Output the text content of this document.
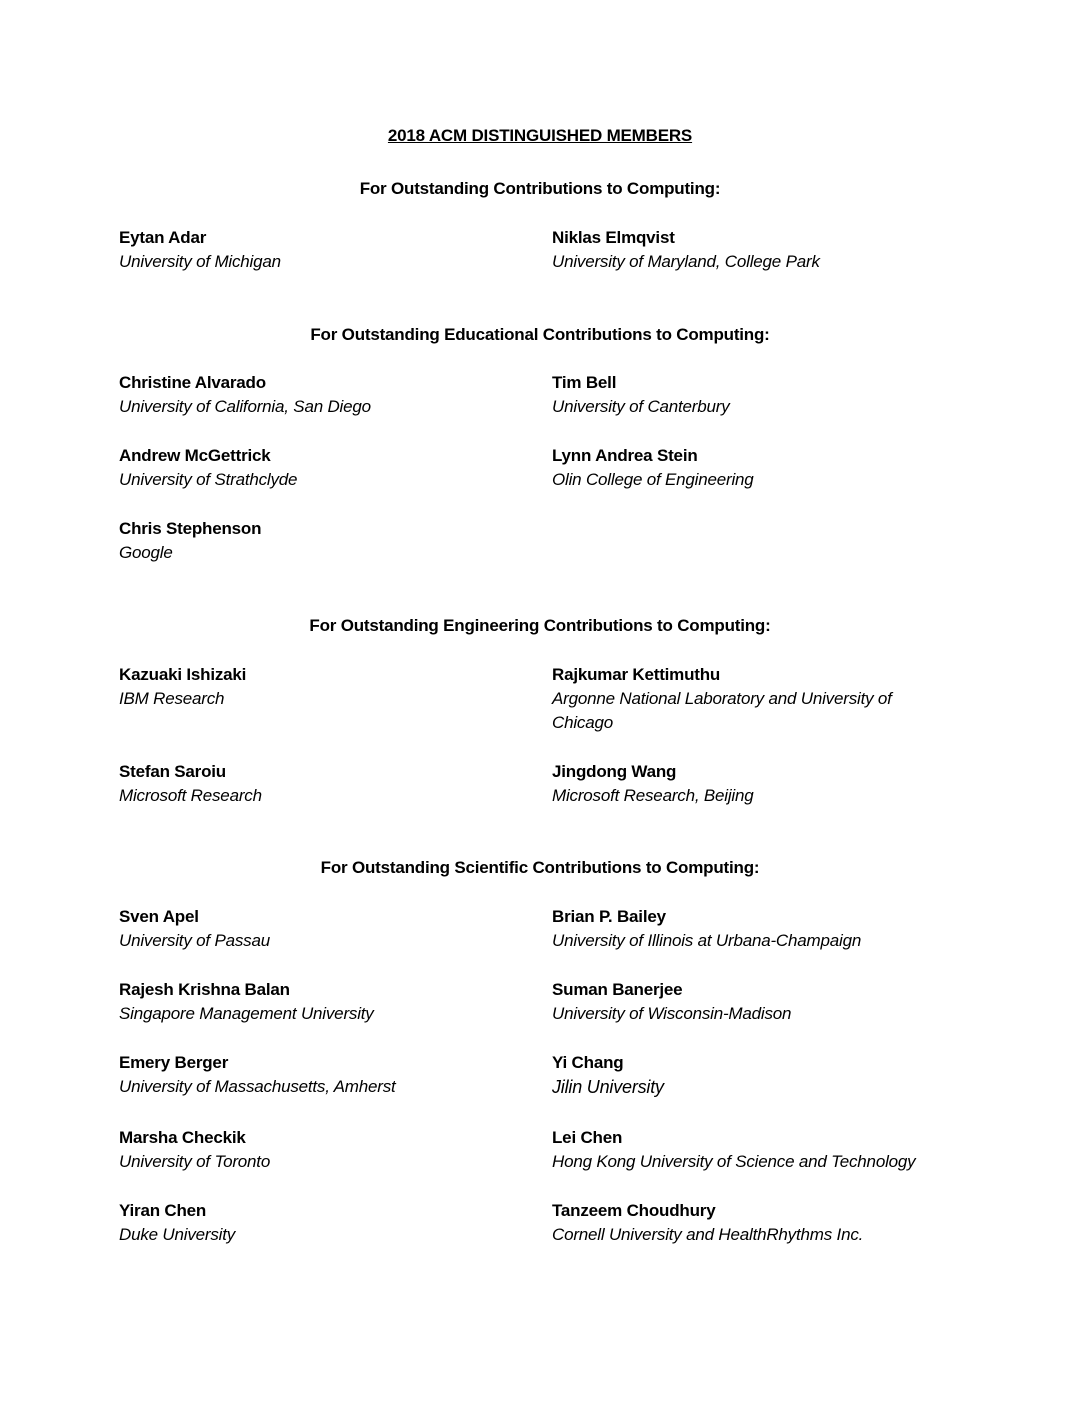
2018 ACM DISTINGUISHED MEMBERS
For Outstanding Contributions to Computing:
Eytan Adar
University of Michigan
Niklas Elmqvist
University of Maryland, College Park
For Outstanding Educational Contributions to Computing:
Christine Alvarado
University of California, San Diego
Tim Bell
University of Canterbury
Andrew McGettrick
University of Strathclyde
Lynn Andrea Stein
Olin College of Engineering
Chris Stephenson
Google
For Outstanding Engineering Contributions to Computing:
Kazuaki Ishizaki
IBM Research
Rajkumar Kettimuthu
Argonne National Laboratory and University of Chicago
Stefan Saroiu
Microsoft Research
Jingdong Wang
Microsoft Research, Beijing
For Outstanding Scientific Contributions to Computing:
Sven Apel
University of Passau
Brian P. Bailey
University of Illinois at Urbana-Champaign
Rajesh Krishna Balan
Singapore Management University
Suman Banerjee
University of Wisconsin-Madison
Emery Berger
University of Massachusetts, Amherst
Yi Chang
Jilin University
Marsha Checkik
University of Toronto
Lei Chen
Hong Kong University of Science and Technology
Yiran Chen
Duke University
Tanzeem Choudhury
Cornell University and HealthRhythms Inc.
